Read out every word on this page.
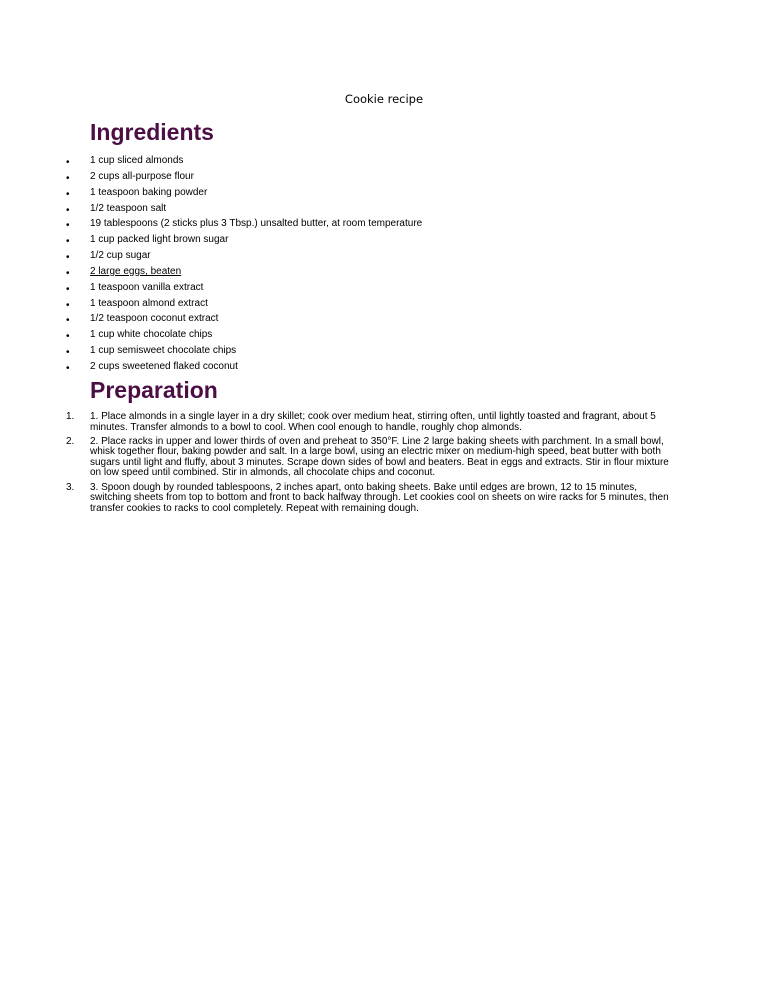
Cookie recipe
Ingredients
• 1 cup sliced almonds
• 2 cups all-purpose flour
• 1 teaspoon baking powder
• 1/2 teaspoon salt
• 19 tablespoons (2 sticks plus 3 Tbsp.) unsalted butter, at room temperature
• 1 cup packed light brown sugar
• 1/2 cup sugar
• 2 large eggs, beaten
• 1 teaspoon vanilla extract
• 1 teaspoon almond extract
• 1/2 teaspoon coconut extract
• 1 cup white chocolate chips
• 1 cup semisweet chocolate chips
• 2 cups sweetened flaked coconut
Preparation
1. 1. Place almonds in a single layer in a dry skillet; cook over medium heat, stirring often, until lightly toasted and fragrant, about 5 minutes. Transfer almonds to a bowl to cool. When cool enough to handle, roughly chop almonds.
2. 2. Place racks in upper and lower thirds of oven and preheat to 350°F. Line 2 large baking sheets with parchment. In a small bowl, whisk together flour, baking powder and salt. In a large bowl, using an electric mixer on medium-high speed, beat butter with both sugars until light and fluffy, about 3 minutes. Scrape down sides of bowl and beaters. Beat in eggs and extracts. Stir in flour mixture on low speed until combined. Stir in almonds, all chocolate chips and coconut.
3. 3. Spoon dough by rounded tablespoons, 2 inches apart, onto baking sheets. Bake until edges are brown, 12 to 15 minutes, switching sheets from top to bottom and front to back halfway through. Let cookies cool on sheets on wire racks for 5 minutes, then transfer cookies to racks to cool completely. Repeat with remaining dough.
